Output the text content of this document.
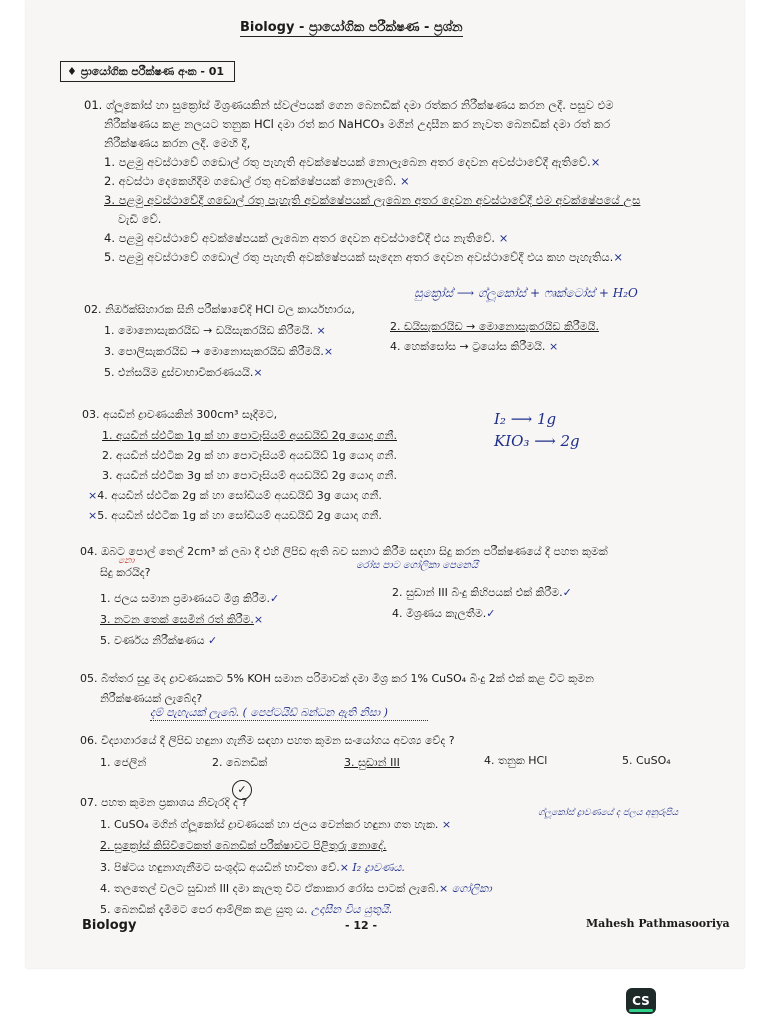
Biology - ප්‍රායෝගික පරීක්ෂණ - ප්‍රශ්න
♦ ප්‍රායෝගික පරීක්ෂණ අංක - 01
01. ග්ලූකෝස් හා සුක්‍රෝස් මිශ්‍රණයකින් ස්වල්පයක් ගෙන බෙනඩික් දමා රත්කර නිරීක්ෂණය කරන ලදී. පසුව එම
නිරීක්ෂණය කළ නලයට තනුක HCl දමා රත් කර NaHCO₃ මගින් උදාසීන කර නැවත බෙනඩික් දමා රත් කර
නිරීක්ෂණය කරන ලදී. මෙහි දී,
1. පළමු අවස්ථාවේ ගඩොල් රතු පැහැති අවක්ෂේපයක් නොලැබෙන අතර දෙවන අවස්ථාවේදී ඇතිවේ.×
2. අවස්ථා දෙකෙහිදීම ගඩොල් රතු අවක්ෂේපයක් නොලැබේ. ×
3. පළමු අවස්ථාවේදී ගඩොල් රතු පැහැති අවක්ෂේපයක් ලැබෙන අතර දෙවන අවස්ථාවේදී එම අවක්ෂේපයේ උස
වැඩි වේ.
4. පළමු අවස්ථාවේ අවක්ෂේපයක් ලැබෙන අතර දෙවන අවස්ථාවේදී එය නැතිවේ. ×
5. පළමු අවස්ථාවේ ගඩොල් රතු පැහැති අවක්ෂේපයක් සෑදෙන අතර දෙවන අවස්ථාවේදී එය කහ පැහැතිය.×
02. නිර්ඔක්සිහාරක සීනි පරීක්ෂාවේදී HCl වල කාර්යභාරය,
සුක්‍රෝස් ⟶ ග්ලූකෝස් + ෆ්‍රුක්ටෝස් + H₂O
1. මොනොසැකරයිඩ → ඩයිසැකරයිඩ කිරීමයි. ×	2. ඩයිසැකරයිඩ → මොනොසැකරයිඩ කිරීමයි.
3. පොලිසැකරයිඩ → මොනොසැකරයිඩ කිරීමයි.×	4. හෙක්සෝස → ට්‍රයෝස කිරීමයි. ×
5. එන්සයිම දුස්වාභාවිකරණයයි.×
03. අයඩීන් ද්‍රාවණයකින් 300cm³ සෑදීමට,	I₂ ⟶ 1g
KIO₃ ⟶ 2g
1. අයඩීන් ස්ඵටික 1g ක් හා පොටෑසියම් අයඩයිඩ් 2g යොදා ගනී.
2. අයඩීන් ස්ඵටික 2g ක් හා පොටෑසියම් අයඩයිඩ් 1g යොදා ගනී.
3. අයඩීන් ස්ඵටික 3g ක් හා පොටෑසියම් අයඩයිඩ් 2g යොදා ගනී.
×4. අයඩීන් ස්ඵටික 2g ක් හා සෝඩියම් අයඩයිඩ් 3g යොදා ගනී.
×5. අයඩීන් ස්ඵටික 1g ක් හා සෝඩියම් අයඩයිඩ් 2g යොදා ගනී.
04. ඔබට පොල් තෙල් 2cm³ ක් ලබා දී එහි ලිපිඩ ඇති බව සනාථ කිරීම සඳහා සිදු කරන පරීක්ෂණයේ දී පහත කුමක්
නො
සිදු කරයිද?
රෝස පාට ගෝලිකා පෙනෙයි
1. ජලය සමාන ප්‍රමාණයට මිශ්‍ර කිරීම.✓	2. සුඩාන් III බිංදු කිහිපයක් එක් කිරීම.✓
3. නටන තෙක් සෙමින් රත් කිරීම.×	4. මිශ්‍රණය කැලතීම.✓
5. වර්ණය නිරීක්ෂණය ✓
05. බිත්තර සුදු මද ද්‍රාවණයකට 5% KOH සමාන පරිමාවක් දමා මිශ්‍ර කර 1% CuSO₄ බිංදු 2ක් එක් කළ විට කුමන
නිරීක්ෂණයක් ලැබේද?
දම් පැහැයක් ලැබේ. ( පෙප්ටයිඩ් බන්ධන ඇති නිසා )
06. විද්‍යාගාරයේ දී ලිපිඩ හඳුනා ගැනීම සඳහා පහත කුමන සංයෝගය අවශ්‍ය වේද ?
1. ජෙලින්	2. බෙනඩික්	3. සුඩාන් III	4. තනුක HCl	5. CuSO₄
✓
07. පහත කුමන ප්‍රකාශය නිවැරදි ද ?
1. CuSO₄ මගින් ග්ලූකෝස් ද්‍රාවණයක් හා ජලය වෙන්කර හඳුනා ගත හැක. ×
ග්ලූකෝස් ද්‍රාවණයේ ද ජලය අනුරූපිය
2. සුක්‍රෝස් කිසිවිටෙකත් බෙනඩික් පරීක්ෂාවට පිළිතුරු නොදේ.
3. පිෂ්ටය හඳුනාගැනීමට සංශුද්ධ අයඩීන් භාවිතා වේ.× I₂ ද්‍රාවණය.
4. තලතෙල් වලට සුඩාන් III දමා කැලතූ විට ඒකාකාර රෝස පාටක් ලැබේ.× ගෝලිකා
5. බෙනඩික් දැමීමට පෙර ආම්ලික කළ යුතු ය. උදාසීන විය යුතුයි.
Biology	- 12 -	Mahesh Pathmasooriya
CS
